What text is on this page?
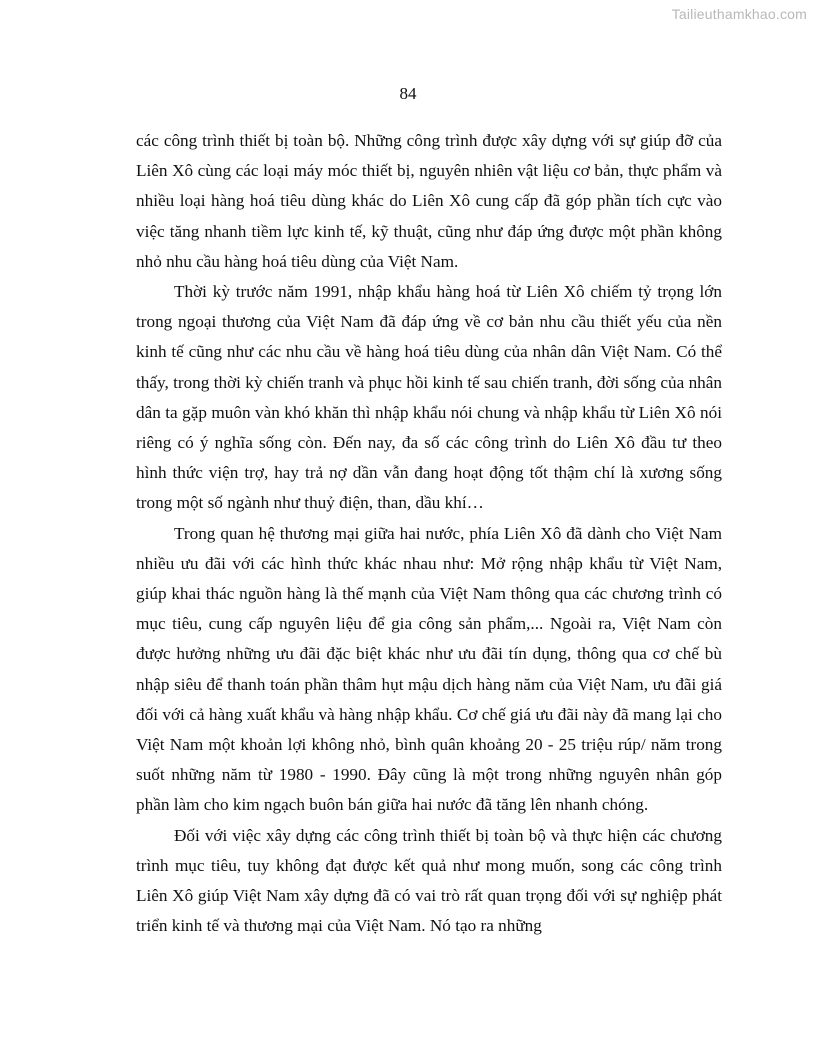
Tailieuthamkhao.com
84

các công trình thiết bị toàn bộ. Những công trình được xây dựng với sự giúp đỡ của Liên Xô cùng các loại máy móc thiết bị, nguyên nhiên vật liệu cơ bản, thực phẩm và nhiều loại hàng hoá tiêu dùng khác do Liên Xô cung cấp đã góp phần tích cực vào việc tăng nhanh tiềm lực kinh tế, kỹ thuật, cũng như đáp ứng được một phần không nhỏ nhu cầu hàng hoá tiêu dùng của Việt Nam.

Thời kỳ trước năm 1991, nhập khẩu hàng hoá từ Liên Xô chiếm tỷ trọng lớn trong ngoại thương của Việt Nam đã đáp ứng về cơ bản nhu cầu thiết yếu của nền kinh tế cũng như các nhu cầu về hàng hoá tiêu dùng của nhân dân Việt Nam. Có thể thấy, trong thời kỳ chiến tranh và phục hồi kinh tế sau chiến tranh, đời sống của nhân dân ta gặp muôn vàn khó khăn thì nhập khẩu nói chung và nhập khẩu từ Liên Xô nói riêng có ý nghĩa sống còn. Đến nay, đa số các công trình do Liên Xô đầu tư theo hình thức viện trợ, hay trả nợ dần vẫn đang hoạt động tốt thậm chí là xương sống trong một số ngành như thuỷ điện, than, dầu khí…

Trong quan hệ thương mại giữa hai nước, phía Liên Xô đã dành cho Việt Nam nhiều ưu đãi với các hình thức khác nhau như: Mở rộng nhập khẩu từ Việt Nam, giúp khai thác nguồn hàng là thế mạnh của Việt Nam thông qua các chương trình có mục tiêu, cung cấp nguyên liệu để gia công sản phẩm,... Ngoài ra, Việt Nam còn được hưởng những ưu đãi đặc biệt khác như ưu đãi tín dụng, thông qua cơ chế bù nhập siêu để thanh toán phần thâm hụt mậu dịch hàng năm của Việt Nam, ưu đãi giá đối với cả hàng xuất khẩu và hàng nhập khẩu. Cơ chế giá ưu đãi này đã mang lại cho Việt Nam một khoản lợi không nhỏ, bình quân khoảng 20 - 25 triệu rúp/ năm trong suốt những năm từ 1980 - 1990. Đây cũng là một trong những nguyên nhân góp phần làm cho kim ngạch buôn bán giữa hai nước đã tăng lên nhanh chóng.

Đối với việc xây dựng các công trình thiết bị toàn bộ và thực hiện các chương trình mục tiêu, tuy không đạt được kết quả như mong muốn, song các công trình Liên Xô giúp Việt Nam xây dựng đã có vai trò rất quan trọng đối với sự nghiệp phát triển kinh tế và thương mại của Việt Nam. Nó tạo ra những
